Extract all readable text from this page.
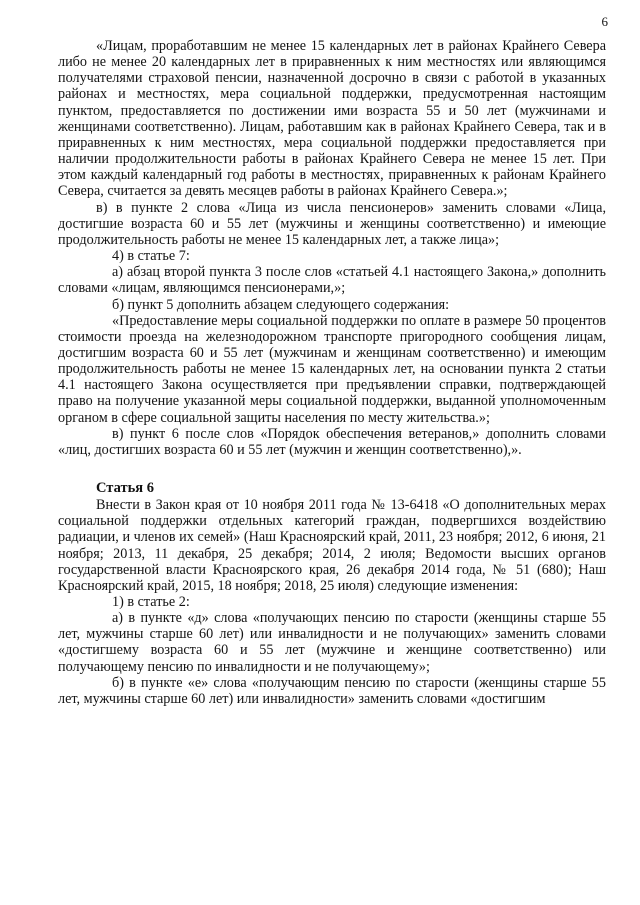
6

«Лицам, проработавшим не менее 15 календарных лет в районах Крайнего Севера либо не менее 20 календарных лет в приравненных к ним местностях или являющимся получателями страховой пенсии, назначенной досрочно в связи с работой в указанных районах и местностях, мера социальной поддержки, предусмотренная настоящим пунктом, предоставляется по достижении ими возраста 55 и 50 лет (мужчинами и женщинами соответственно). Лицам, работавшим как в районах Крайнего Севера, так и в приравненных к ним местностях, мера социальной поддержки предоставляется при наличии продолжительности работы в районах Крайнего Севера не менее 15 лет. При этом каждый календарный год работы в местностях, приравненных к районам Крайнего Севера, считается за девять месяцев работы в районах Крайнего Севера.»;

в) в пункте 2 слова «Лица из числа пенсионеров» заменить словами «Лица, достигшие возраста 60 и 55 лет (мужчины и женщины соответственно) и имеющие продолжительность работы не менее 15 календарных лет, а также лица»;

4) в статье 7:

а) абзац второй пункта 3 после слов «статьей 4.1 настоящего Закона,» дополнить словами «лицам, являющимся пенсионерами,»;

б) пункт 5 дополнить абзацем следующего содержания:

«Предоставление меры социальной поддержки по оплате в размере 50 процентов стоимости проезда на железнодорожном транспорте пригородного сообщения лицам, достигшим возраста 60 и 55 лет (мужчинам и женщинам соответственно) и имеющим продолжительность работы не менее 15 календарных лет, на основании пункта 2 статьи 4.1 настоящего Закона осуществляется при предъявлении справки, подтверждающей право на получение указанной меры социальной поддержки, выданной уполномоченным органом в сфере социальной защиты населения по месту жительства.»;

в) пункт 6 после слов «Порядок обеспечения ветеранов,» дополнить словами «лиц, достигших возраста 60 и 55 лет (мужчин и женщин соответственно),».

Статья 6

Внести в Закон края от 10 ноября 2011 года № 13-6418 «О дополнительных мерах социальной поддержки отдельных категорий граждан, подвергшихся воздействию радиации, и членов их семей» (Наш Красноярский край, 2011, 23 ноября; 2012, 6 июня, 21 ноября; 2013, 11 декабря, 25 декабря; 2014, 2 июля; Ведомости высших органов государственной власти Красноярского края, 26 декабря 2014 года, № 51 (680); Наш Красноярский край, 2015, 18 ноября; 2018, 25 июля) следующие изменения:

1) в статье 2:

а) в пункте «д» слова «получающих пенсию по старости (женщины старше 55 лет, мужчины старше 60 лет) или инвалидности и не получающих» заменить словами «достигшему возраста 60 и 55 лет (мужчине и женщине соответственно) или получающему пенсию по инвалидности и не получающему»;

б) в пункте «е» слова «получающим пенсию по старости (женщины старше 55 лет, мужчины старше 60 лет) или инвалидности» заменить словами «достигшим
